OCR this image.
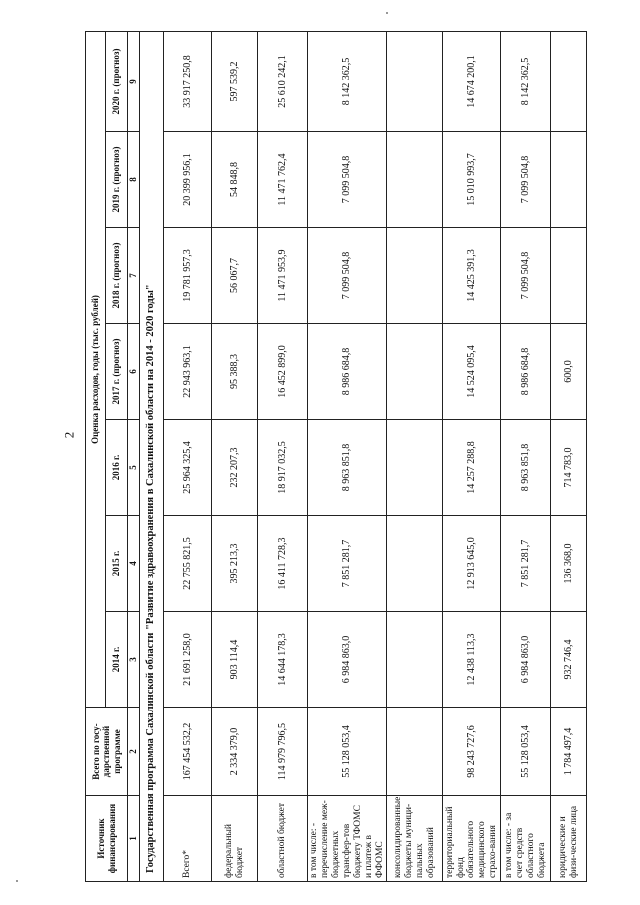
2
Источник финансирования	Всего по госу-дарственной программе	Оценка расходов, годы (тыс. рублей)						
		2014 г.	2015 г.	2016 г.	2017 г. (прогноз)	2018 г. (прогноз)	2019 г. (прогноз)	2020 г. (прогноз)
1	2	3	4	5	6	7	8	9
Государственная программа Сахалинской области "Развитие здравоохранения в Сахалинской области на 2014 - 2020 годы"								
Всего*	167 454 532,2	21 691 258,0	22 755 821,5	25 964 325,4	22 943 963,1	19 781 957,3	20 399 956,1	33 917 250,8
федеральный бюджет	2 334 379,0	903 114,4	395 213,3	232 207,3	95 388,3	56 067,7	54 848,8	597 539,2
областной бюджет	114 979 796,5	14 644 178,3	16 411 728,3	18 917 032,5	16 452 899,0	11 471 953,9	11 471 762,4	25 610 242,1
в том числе: - перечисление меж-бюджетных трансфер-тов бюджету ТФОМС и платеж в ФФОМС	55 128 053,4	6 984 863,0	7 851 281,7	8 963 851,8	8 986 684,8	7 099 504,8	7 099 504,8	8 142 362,5
консолидированные бюджеты муници-пальных образований								
территориальный фонд обязательного медицинского страхо-вания	98 243 727,6	12 438 113,3	12 913 645,0	14 257 288,8	14 524 095,4	14 425 391,3	15 010 993,7	14 674 200,1
в том числе: - за счет средств областного бюджета	55 128 053,4	6 984 863,0	7 851 281,7	8 963 851,8	8 986 684,8	7 099 504,8	7 099 504,8	8 142 362,5
юридические и физи-ческие лица	1 784 497,4	932 746,4	136 368,0	714 783,0	600,0			
